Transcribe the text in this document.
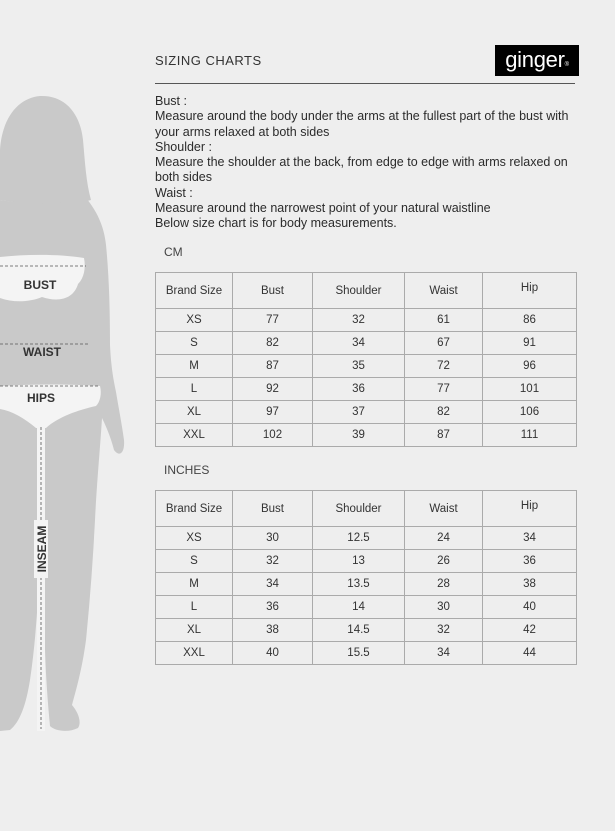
BUST
WAIST
HIPS
INSEAM
SIZING CHARTS	ginger®
Bust :
Measure around the body under the arms at the fullest part of the bust with
your arms relaxed at both sides
Shoulder :
Measure the shoulder at the back, from edge to edge with arms relaxed on
both sides
Waist :
Measure around the narrowest point of your natural waistline
Below size chart is for body measurements.
CM
Brand Size	Bust	Shoulder	Waist	Hip
XS	77	32	61	86
S	82	34	67	91
M	87	35	72	96
L	92	36	77	101
XL	97	37	82	106
XXL	102	39	87	111
INCHES
Brand Size	Bust	Shoulder	Waist	Hip
XS	30	12.5	24	34
S	32	13	26	36
M	34	13.5	28	38
L	36	14	30	40
XL	38	14.5	32	42
XXL	40	15.5	34	44
